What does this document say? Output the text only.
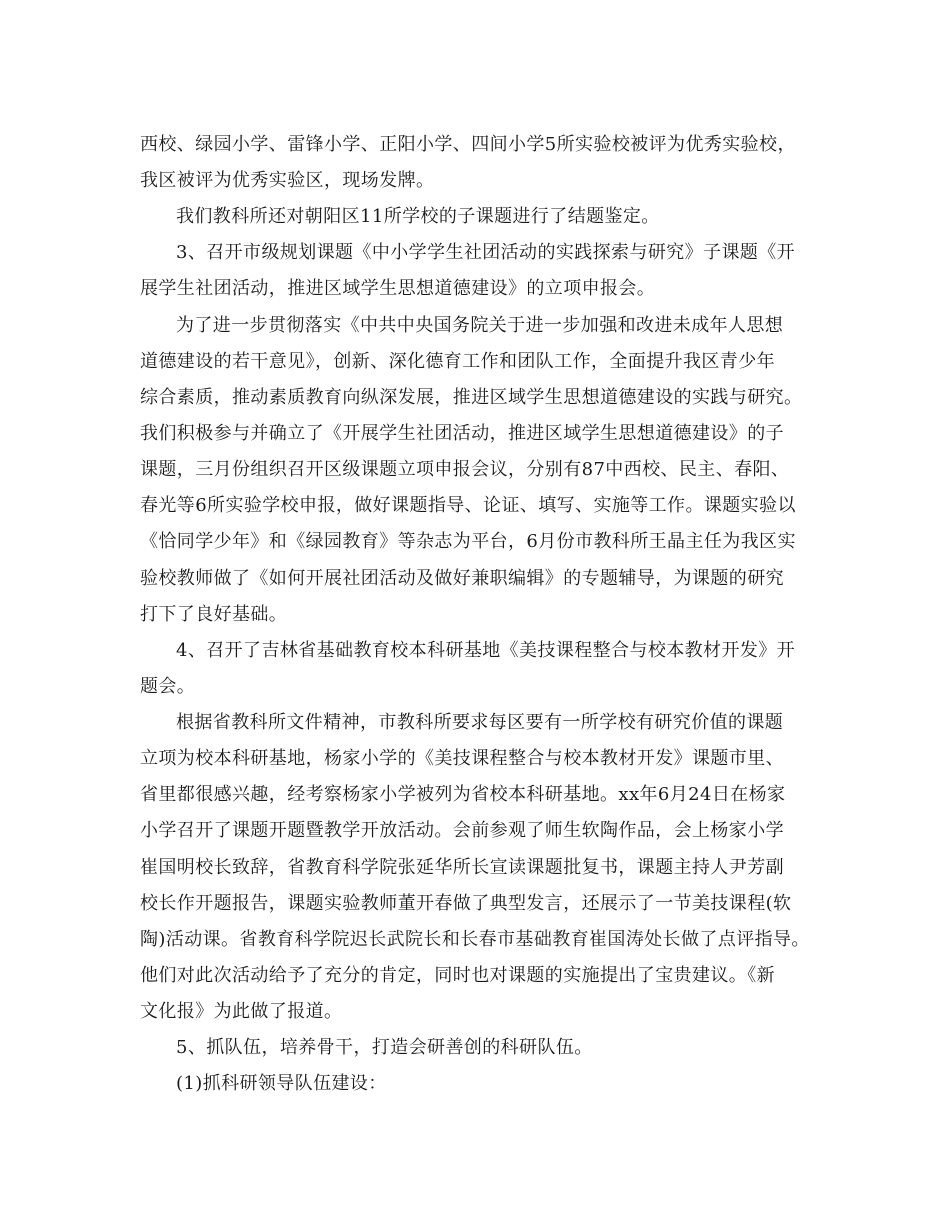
西校、绿园小学、雷锋小学、正阳小学、四间小学5所实验校被评为优秀实验校，
我区被评为优秀实验区，现场发牌。
我们教科所还对朝阳区11所学校的子课题进行了结题鉴定。
3、召开市级规划课题《中小学学生社团活动的实践探索与研究》子课题《开
展学生社团活动，推进区域学生思想道德建设》的立项申报会。
为了进一步贯彻落实《中共中央国务院关于进一步加强和改进未成年人思想
道德建设的若干意见》，创新、深化德育工作和团队工作，全面提升我区青少年
综合素质，推动素质教育向纵深发展，推进区域学生思想道德建设的实践与研究。
我们积极参与并确立了《开展学生社团活动，推进区域学生思想道德建设》的子
课题，三月份组织召开区级课题立项申报会议，分别有87中西校、民主、春阳、
春光等6所实验学校申报，做好课题指导、论证、填写、实施等工作。课题实验以
《恰同学少年》和《绿园教育》等杂志为平台，6月份市教科所王晶主任为我区实
验校教师做了《如何开展社团活动及做好兼职编辑》的专题辅导，为课题的研究
打下了良好基础。
4、召开了吉林省基础教育校本科研基地《美技课程整合与校本教材开发》开
题会。
根据省教科所文件精神，市教科所要求每区要有一所学校有研究价值的课题
立项为校本科研基地，杨家小学的《美技课程整合与校本教材开发》课题市里、
省里都很感兴趣，经考察杨家小学被列为省校本科研基地。xx年6月24日在杨家
小学召开了课题开题暨教学开放活动。会前参观了师生软陶作品，会上杨家小学
崔国明校长致辞，省教育科学院张延华所长宣读课题批复书，课题主持人尹芳副
校长作开题报告，课题实验教师董开春做了典型发言，还展示了一节美技课程(软
陶)活动课。省教育科学院迟长武院长和长春市基础教育崔国涛处长做了点评指导。
他们对此次活动给予了充分的肯定，同时也对课题的实施提出了宝贵建议。《新
文化报》为此做了报道。
5、抓队伍，培养骨干，打造会研善创的科研队伍。
(1)抓科研领导队伍建设：
